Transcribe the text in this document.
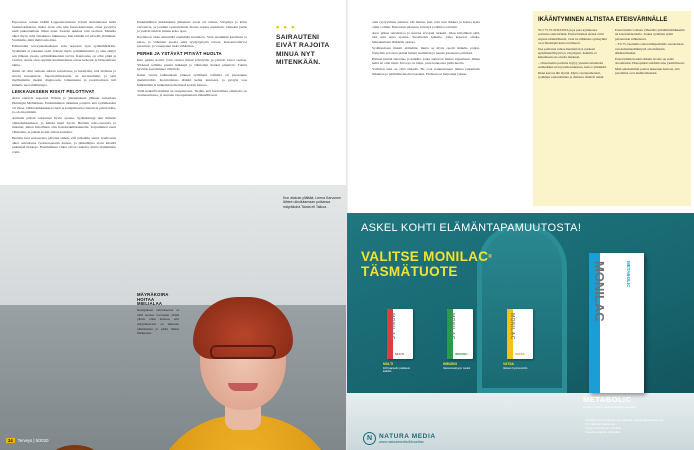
Esposessa, toinen tädillä Lappeenrannassa. Kävin auttelemassa heitä laskentokiireissä, mutta aloin olla niin huonokuntoinen, etten pystynyt enää pukeutumaan ilman apua. Saatoin nukkua vain tuolissa. Minulle alkoi myös tulla rintakipua liikkuessa, kun hiihdin tai kävelin ylämäkeä. Varmistin, mitä tämä tarkoittaa.

Päästessäni terveyskeskukseen sain nopeasti ajan sydänlääkärille. Sydämeni ei jaksanut enää. Kärsin myös rytmihäiriöistä, ja olen elänyt sen jälkeen vuosia sydänlääkkeiden turvin. Kuntoutus on ollut pitkä ja vaativa, mutta olen oppinut kuuntelemaan omaa kehoani ja hidastamaan tahtia.

Äitini oli ollut samaan aikaan sairaalassa, ja huomasin, että ahdistus ja stressi kasautuivat. Sepelvaltimotautia on suvussamme, ja sain myöhemmin itsekin diagnoosin. Liikunnasta ja ruokavaliosta tuli minulle uusi elämäntapa.

LEIKKAUKSEEN RISKIT PELOTTIVAT

Aviat etenivät nopeasti. Pääsin jo juhannuksen jälkeen sairaalaan Helsingin Meilahteen. Ensimmäinen tutkimus paljasti, että sydämessäni oli vikaa. Ohitusleikkauksen riskit ja komplikaatiot tuntuivat pelottavilta, ja odotin pitkään.

Aamulla pääsin sairaalaan hyvin ajoissa. Sydänkirurgi teki minulle ohitusleikkauksen, ja kaikki meni hyvin. Heräsin teho-osastolta ja muistan, miten kiitollinen olin hoitohenkilökunnalle. Toipuminen eteni vähitellen, ja pääsin kotiin viikon kuluttua.

Heräsin heti seuraavana päivänä siihen, että jalkoihin sattui. Kuntoutus alkoi sairaalassa fysioterapeutin kanssa, ja pikkuhiljaa aloin kävellä pidempiä matkoja. Ensimmäiset viikot olivat raskaita, mutta elämänhalu voitti.

Ensimmäinen leikkauksen jälkeinen vuosi oli vaikea. Väsymys ja kivut vaivasivat, ja jouduin opettelemaan monia asioita uudelleen. Onneksi perhe ja ystävät tukivat minua koko ajan.

Ravintoon aloin kiinnittää enemmän huomiota. Söin enemmän kasviksia ja kalaa, ja vähensin suolaa sekä tyydyttynyttä rasvaa. Kolesteroliarvot paranivat, ja verenpaine laski vähitellen.

PERHE JA YSTÄVÄT PITIVÄT HUOLTA

Kun pääsin kotiin, tytär saattoi minut kävelyille ja ystävät toivat ruokaa. Yhdessä teimme pieniä lenkkejä ja vähitellen matkat pitenivät. Tuntui hyvältä, kun ihmiset välittivät.

Kaksi vuotta leikkauksen jälkeen sydämeni toiminta oli parantunut merkittävästi. Kontrolleissa lääkäri kehui kuntoani, ja pystyin taas hiihtämään ja kulkemaan metsässä koiran kanssa.

Tällä hetkellä elämäni on tasapainossa. Tiedän, että huolellinen omahoito on avainasemassa, ja seuraan verenpainettani säännöllisesti.

• • •
SAIRAUTENI EIVÄT RAJOITA MINUA NYT MITENKÄÄN.
MÄYRÄKOIRA HOITAA MIELIALAA

Kampiksen sairastuessa ei tällä kertaa tarvinnut jäädä yksin. Olen iloinen, että mäyräkoirani on mukana elämässäni ja pitää minut liikkeessä.

Kun alakulo yllättää, Leena Karvonen lähtee ulkoilutamaan poikansa mäyräkoira Taiota eli Taikoa.
24 Terveys | 5/2020

olen tyytyväinen arkeeni. Oli ihanaa, kun voin taas liikkua ja hoitaa kotia omin voimin. Harrastan pilatesta, kävelyä ja hiihtoa talvisin.

Aion jatkaa omahoitoa ja seurata arvojani tarkasti. Olen kiitollinen siitä, että sain apua ajoissa. Suosittelen kaikille, jotka kokevat oireita, hakeutumaan lääkäriin ajoissa.

Sydänsairaus muutti elämääni, mutta se myös opetti minulle paljon. Nykyään arvostan pieniä hetkiä enemmän ja nautin jokaisesta päivästä.

Haluan kiittää sairaalaa ja kaikkia, jotka auttoivat minua toipumaan. Ilman heitä en olisi tässä. Terveys on lahja, josta kannattaa pitää huolta.

Ystävien tuki on ollut tärkeää. He ovat kannustaneet minua jatkamaan liikuntaa ja pitämään huolta itsestäni. Yhdessä on helpompi jaksaa.

IKÄÄNTYMINEN ALTISTAA ETEISVÄRINÄLLE

YLI 75-VUOTIAISTA jopa joka kymmenes sairastaa eteisvärinää. Eteisvärinässä eteiset eivät supistu säännöllisesti, vaan ne sähköiset syöksytkin ovat tiheämpiä kuin tavallisesti.

Osa potilaista tuntee huomattavaa sykkeen epäsäännöllisyyttä ja väsymystä. Kaikilla ei kuitenkaan ole oireita lainkaan.

– Oireettomia potilaita löytyy yleensä sattumalta esimerkiksi terveystarkastuksissa, kertoo ylilääkäri.

Riski kasvaa iän myötä. Myös verenpainetauti, sydämen vajaatoiminta ja diabetes lisäävät riskiä.

Eteisvärinää voidaan vähentää rytmihäiriölääkkeillä tai katetriablaatiolla. Joskus sydämen rytmi palautetaan sähköisesti.

– Yli 75-vuotiaille eteisvärinäpotilaille suositellaan verenohennuslääkitystä aivoinfarktin ehkäisemiseksi.

Eteisvärinän hoidon tärkein tavoite on estää aivoinfarkti. Hoitopäätös tehdään aina yksilöllisesti.

Mitä aikaisemmin potilas hakeutuu hoitoon, sitä paremmat ovat mahdollisuudet.

ASKEL KOHTI ELÄMÄNTAPAMUUTOSTA!
VALITSE MONILAC®
TÄSMÄTUOTE
MONILAC
MULTI
MONILAC
IMMUNO
MONILAC
VATSA
MULTI
100 kapselin pakkaus kaikille
IMMUNO
Vastustuskyvyn tueksi
VATSA
Vatsan hyvinvointiin
MONILAC	METABOLIC
METABOLIC
Annos vuoden elämäntapamuutokselle
• Sisältää aineenvaihduntaa tukevia maitohappobakteereja
• 10 miljardia bakteeria
• Täysin luontainen valmiste
• Soveltuu kaikille aikuisille
N	NATURA MEDIA
www.naturamedia.fi/monilac
